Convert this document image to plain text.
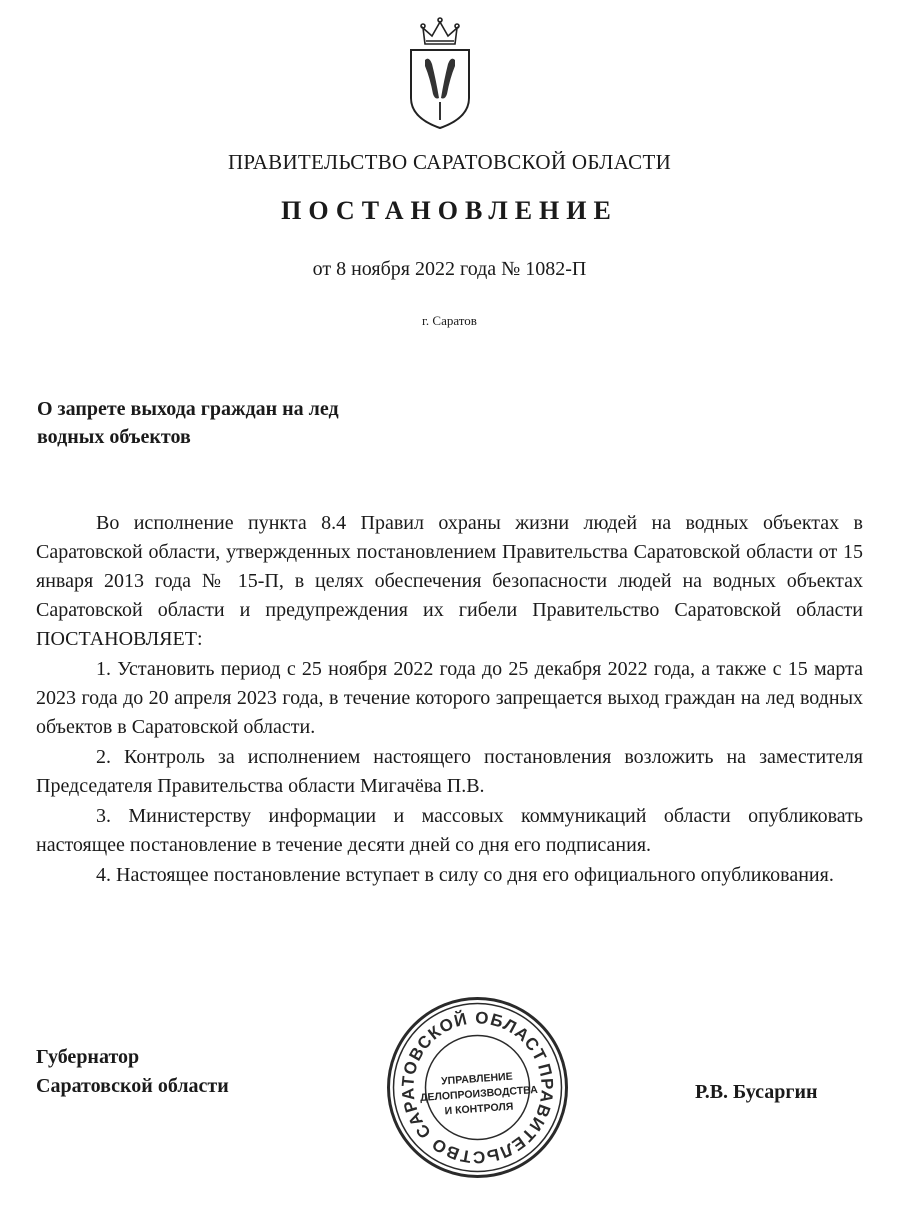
ПРАВИТЕЛЬСТВО САРАТОВСКОЙ ОБЛАСТИ
ПОСТАНОВЛЕНИЕ
от 8 ноября 2022 года № 1082-П
г. Саратов
О запрете выхода граждан на лед
водных объектов

Во исполнение пункта 8.4 Правил охраны жизни людей на водных объектах в Саратовской области, утвержденных постановлением Правительства Саратовской области от 15 января 2013 года № 15-П, в целях обеспечения безопасности людей на водных объектах Саратовской области и предупреждения их гибели Правительство Саратовской области ПОСТАНОВЛЯЕТ:

1. Установить период с 25 ноября 2022 года до 25 декабря 2022 года, а также с 15 марта 2023 года до 20 апреля 2023 года, в течение которого запрещается выход граждан на лед водных объектов в Саратовской области.

2. Контроль за исполнением настоящего постановления возложить на заместителя Председателя Правительства области Мигачёва П.В.

3. Министерству информации и массовых коммуникаций области опубликовать настоящее постановление в течение десяти дней со дня его подписания.

4. Настоящее постановление вступает в силу со дня его официального опубликования.

Губернатор
Саратовской области
ПРАВИТЕЛЬСТВО САРАТОВСКОЙ ОБЛАСТИ
УПРАВЛЕНИЕ
ДЕЛОПРОИЗВОДСТВА
И КОНТРОЛЯ
Р.В. Бусаргин
